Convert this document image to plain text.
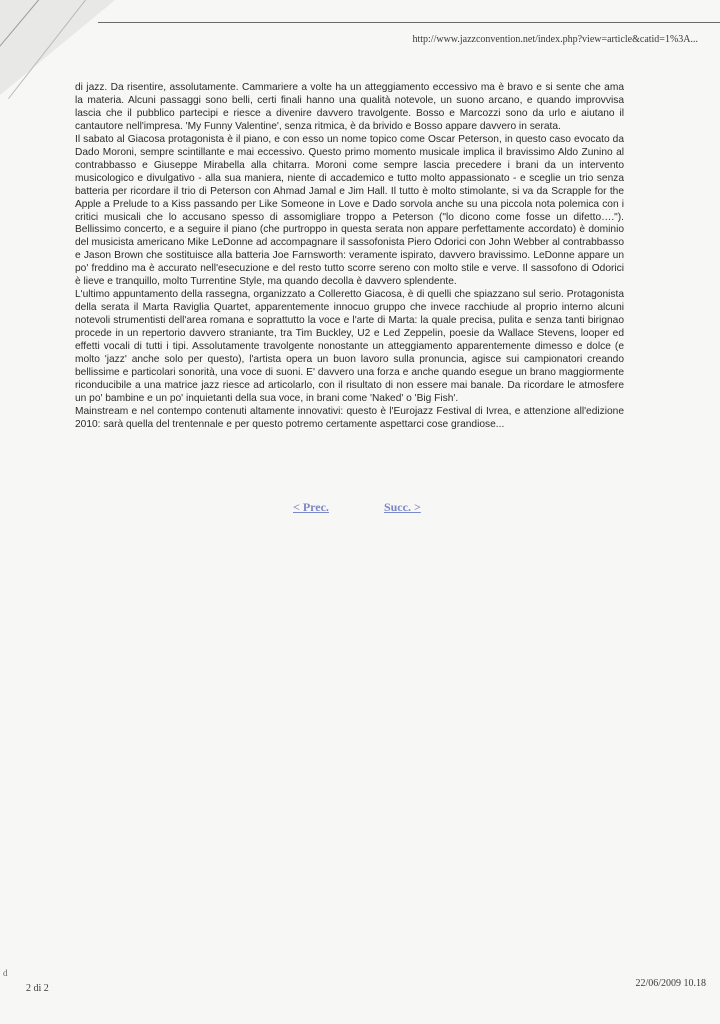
http://www.jazzconvention.net/index.php?view=article&catid=1%3A...

di jazz. Da risentire, assolutamente. Cammariere a volte ha un atteggiamento eccessivo ma è bravo e si sente che ama la materia. Alcuni passaggi sono belli, certi finali hanno una qualità notevole, un suono arcano, e quando improvvisa lascia che il pubblico partecipi e riesce a divenire davvero travolgente. Bosso e Marcozzi sono da urlo e aiutano il cantautore nell'impresa. 'My Funny Valentine', senza ritmica, è da brivido e Bosso appare davvero in serata.

Il sabato al Giacosa protagonista è il piano, e con esso un nome topico come Oscar Peterson, in questo caso evocato da Dado Moroni, sempre scintillante e mai eccessivo. Questo primo momento musicale implica il bravissimo Aldo Zunino al contrabbasso e Giuseppe Mirabella alla chitarra. Moroni come sempre lascia precedere i brani da un intervento musicologico e divulgativo - alla sua maniera, niente di accademico e tutto molto appassionato - e sceglie un trio senza batteria per ricordare il trio di Peterson con Ahmad Jamal e Jim Hall. Il tutto è molto stimolante, si va da Scrapple for the Apple a Prelude to a Kiss passando per Like Someone in Love e Dado sorvola anche su una piccola nota polemica con i critici musicali che lo accusano spesso di assomigliare troppo a Peterson ("lo dicono come fosse un difetto…."). Bellissimo concerto, e a seguire il piano (che purtroppo in questa serata non appare perfettamente accordato) è dominio del musicista americano Mike LeDonne ad accompagnare il sassofonista Piero Odorici con John Webber al contrabbasso e Jason Brown che sostituisce alla batteria Joe Farnsworth: veramente ispirato, davvero bravissimo. LeDonne appare un po' freddino ma è accurato nell'esecuzione e del resto tutto scorre sereno con molto stile e verve. Il sassofono di Odorici è lieve e tranquillo, molto Turrentine Style, ma quando decolla è davvero splendente.

L'ultimo appuntamento della rassegna, organizzato a Colleretto Giacosa, è di quelli che spiazzano sul serio. Protagonista della serata il Marta Raviglia Quartet, apparentemente innocuo gruppo che invece racchiude al proprio interno alcuni notevoli strumentisti dell'area romana e soprattutto la voce e l'arte di Marta: la quale precisa, pulita e senza tanti birignao procede in un repertorio davvero straniante, tra Tim Buckley, U2 e Led Zeppelin, poesie da Wallace Stevens, looper ed effetti vocali di tutti i tipi. Assolutamente travolgente nonostante un atteggiamento apparentemente dimesso e dolce (e molto 'jazz' anche solo per questo), l'artista opera un buon lavoro sulla pronuncia, agisce sui campionatori creando bellissime e particolari sonorità, una voce di suoni. E' davvero una forza e anche quando esegue un brano maggiormente riconducibile a una matrice jazz riesce ad articolarlo, con il risultato di non essere mai banale. Da ricordare le atmosfere un po' bambine e un po' inquietanti della sua voce, in brani come 'Naked' o 'Big Fish'.

Mainstream e nel contempo contenuti altamente innovativi: questo è l'Eurojazz Festival di Ivrea, e attenzione all'edizione 2010: sarà quella del trentennale e per questo potremo certamente aspettarci cose grandiose...

< Prec.	Succ. >
d
2 di 2	22/06/2009 10.18
